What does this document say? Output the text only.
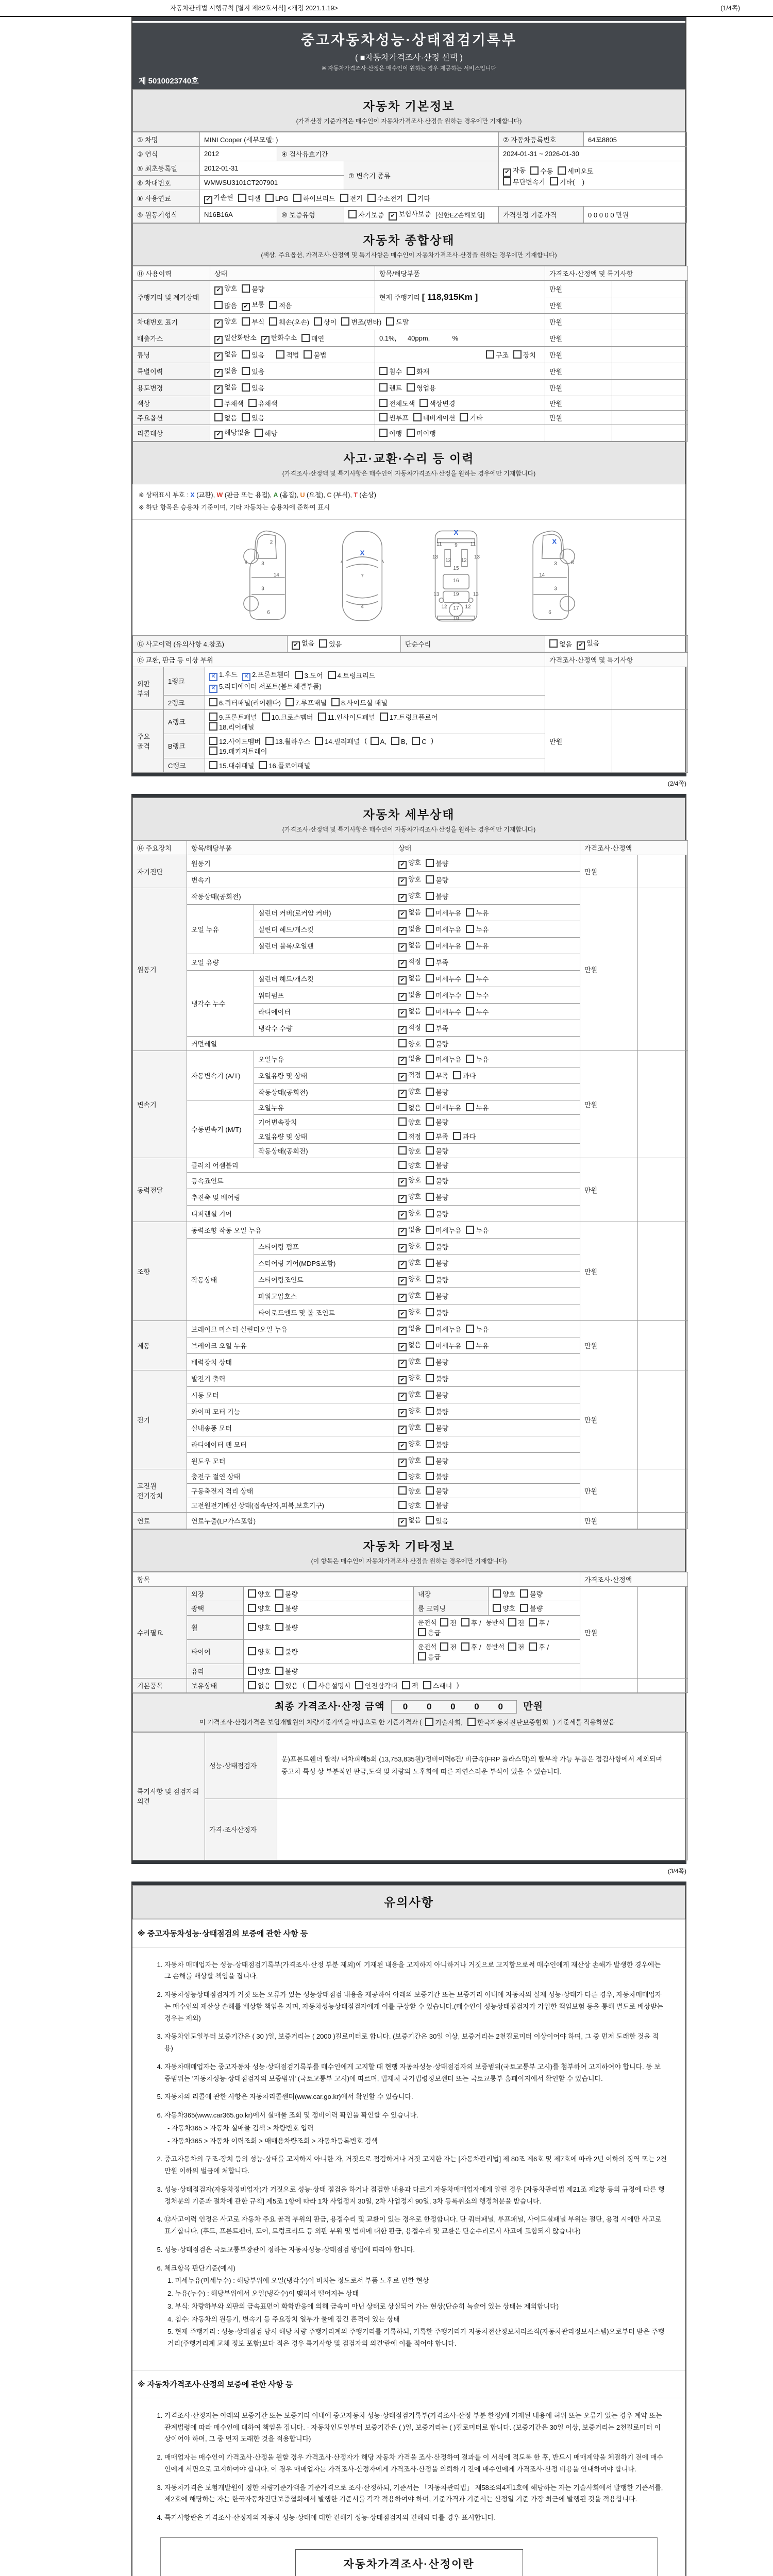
자동차관리법 시행규칙 [별지 제82호서식] <개정 2021.1.19>	(1/4쪽)
중고자동차성능·상태점검기록부
( ■자동차가격조사·산정 선택 )
※ 자동차가격조사·산정은 매수인이 원하는 경우 제공하는 서비스입니다
제 5010023740호
자동차 기본정보
(가격산정 기준가격은 매수인이 자동차가격조사·산정을 원하는 경우에만 기재합니다)
① 차명	MINI Cooper (세부모델: )			② 자동차등록번호	64모8805
③ 연식	2012	④ 검사유효기간		2024-01-31 ~ 2026-01-30	
⑤ 최초등록일	2012-01-31		⑦ 변속기 종류	✔ 자동 수동 세미오토
무단변속기 기타(    )	

⑥ 차대번호	WMWSU3101CT207901				
⑧ 사용연료	✔ 가솔린 디젤 LPG 하이브리드 전기 수소전기 기타				
⑨ 원동기형식	N16B16A	⑩ 보증유형	자기보증 ✔ 보험사보증 [신한EZ손해보험]	가격산정 기준가격	0 0 0 0 0 만원
자동차 종합상태
(색상, 주요옵션, 가격조사·산정액 및 특기사항은 매수인이 자동차가격조사·산정을 원하는 경우에만 기재합니다)
⑪ 사용이력	상태	항목/해당부품	가격조사·산정액 및 특기사항	
주행거리 및 계기상태	✔ 양호 불량	현재 주행거리 [ 118,915Km ]	만원	
	많음 ✔ 보통 적음		만원	
차대번호 표기	✔ 양호 부식 훼손(오손) 상이 변조(변타) 도말		만원	
배출가스	✔ 일산화탄소 ✔ 탄화수소 매연	0.1%,      40ppm,            %	만원	
튜닝	✔ 없음 있음 적법 불법	구조 장치	만원	
특별이력	✔ 없음 있음	침수 화재	만원	
용도변경	✔ 없음 있음	렌트 영업용	만원	
색상	무채색 유채색	전체도색 색상변경	만원	
주요옵션	없음 있음	썬루프 네비게이션 기타	만원	
리콜대상	✔ 해당없음 해당	이행 미이행		
사고·교환·수리 등 이력
(가격조사·산정액 및 특기사항은 매수인이 자동차가격조사·산정을 원하는 경우에만 기재합니다)
※ 상태표시 부호 : X (교환), W (판금 또는 용접), A (흠집), U (요철), C (부식), T (손상)
※ 하단 항목은 승용차 기준이며, 기타 자동차는 승용차에 준하여 표시
2
8	3
14
3
6
X
7
4
X
11	9	11
13
12 12
13
15
16
13	19	13
12 17 12
18
X
3	8
14
3
6
⑫ 사고이력 (유의사항 4.참조)	✔ 없음 있음	단순수리	없음 ✔ 있음
⑬ 교환, 판금 등 이상 부위			가격조사·산정액 및 특기사항	
외판 부위	1랭크	✕ 1.후드 ✕ 2.프론트휀더 3.도어 4.트렁크리드
✕ 5.라디에이터 서포트(볼트체결부품)		

	2랭크	6.쿼터패널(리어휀다) 7.루프패널 8.사이드실 패널		
주요 골격	A랭크	9.프론트패널 10.크로스멤버 11.인사이드패널 17.트렁크플로어
18.리어패널	만원	
	B랭크	12.사이드멤버 13.휠하우스 14.필러패널 ( A, B, C )
19.패키지트레이		

	C랭크	15.대쉬패널 16.플로어패널		
(2/4쪽)
자동차 세부상태
(가격조사·산정액 및 특기사항은 매수인이 자동차가격조사·산정을 원하는 경우에만 기재합니다)
⑭ 주요장치	항목/해당부품		상태	가격조사·산정액	
자기진단	원동기		✔ 양호 불량	만원	
	변속기		✔ 양호 불량		
원동기	작동상태(공회전)		✔ 양호 불량	만원	
	오일 누유	실린더 커버(로커암 커버)	✔ 없음 미세누유 누유		
		실린더 헤드/개스킷	✔ 없음 미세누유 누유		
		실린더 블록/오일팬	✔ 없음 미세누유 누유		
	오일 유량		✔ 적정 부족		
	냉각수 누수	실린더 헤드/개스킷	✔ 없음 미세누수 누수		
		워터펌프	✔ 없음 미세누수 누수		
		라디에이터	✔ 없음 미세누수 누수		
		냉각수 수량	✔ 적정 부족		
	커먼레일		양호 불량		
변속기	자동변속기 (A/T)	오일누유	✔ 없음 미세누유 누유	만원	
		오일유량 및 상태	✔ 적정 부족 과다		
		작동상태(공회전)	✔ 양호 불량		
	수동변속기 (M/T)	오일누유	없음 미세누유 누유		
		기어변속장치	양호 불량		
		오일유량 및 상태	적정 부족 과다		
		작동상태(공회전)	양호 불량		
동력전달	클러치 어셈블리		양호 불량	만원	
	등속죠인트		✔ 양호 불량		
	추진축 및 베어링		✔ 양호 불량		
	디퍼렌셜 기어		✔ 양호 불량		
조향	동력조향 작동 오일 누유		✔ 없음 미세누유 누유	만원	
	작동상태	스티어링 펌프	✔ 양호 불량		
		스티어링 기어(MDPS포함)	✔ 양호 불량		
		스티어링조인트	✔ 양호 불량		
		파워고압호스	✔ 양호 불량		
		타이로드엔드 및 볼 조인트	✔ 양호 불량		
제동	브레이크 마스터 실린더오일 누유		✔ 없음 미세누유 누유	만원	
	브레이크 오일 누유		✔ 없음 미세누유 누유		
	배력장치 상태		✔ 양호 불량		
전기	발전기 출력		✔ 양호 불량	만원	
	시동 모터		✔ 양호 불량		
	와이퍼 모터 기능		✔ 양호 불량		
	실내송풍 모터		✔ 양호 불량		
	라디에이터 팬 모터		✔ 양호 불량		
	윈도우 모터		✔ 양호 불량		
고전원 전기장치	충전구 절연 상태		양호 불량	만원	
	구동축전지 격리 상태		양호 불량		
	고전원전기배선 상태(접속단자,피복,보호기구)		양호 불량		
연료	연료누출(LP가스포함)		✔ 없음 있음	만원	
자동차 기타정보
(이 항목은 매수인이 자동차가격조사·산정을 원하는 경우에만 기재합니다)
항목					가격조사·산정액	
수리필요	외장	양호 불량	내장	양호 불량	만원	
	광택	양호 불량	룸 크리닝	양호 불량		
	휠	양호 불량	운전석 전 후 / 동반석 전 후 /응급			
	타이어	양호 불량	운전석 전 후 / 동반석 전 후 /응급			
	유리	양호 불량				
기본품목	보유상태	없음 있음 ( 사용설명서 안전삼각대 잭 스패너 )				
최종 가격조사·산정 금액 0 0 0 0 0 만원
이 가격조사·산정가격은 보험개발원의 차량기준가액을 바탕으로 한 기준가격과 ( 기술사회, 한국자동차진단보증협회 ) 기준세를 적용하였음
특기사항 및 점검자의 의견	성능·상태점검자	운)프론트휀더 탈착/ 내차피해5회 (13,753,835원)/정비이력6건/ 비금속(FRP 플라스틱)의 탈부착 가능 부품은 점검사항에서 제외되며 중고차 특성 상 부분적인 판금,도색 및 차량의 노후화에 따른 자연스러운 부식이 있을 수 있습니다.
	가격·조사산정자	
(3/4쪽)
유의사항
※ 중고자동차성능·상태점검의 보증에 관한 사항 등
1. 자동차 매매업자는 성능·상태점검기록부(가격조사·산정 부분 제외)에 기재된 내용을 고지하지 아니하거나 거짓으로 고지함으로써 매수인에게 재산상 손해가 발생한 경우에는 그 손해를 배상할 책임을 집니다.
2. 자동차성능상태점검자가 거짓 또는 오류가 있는 성능상태점검 내용을 제공하여 아래의 보증기간 또는 보증거리 이내에 자동차의 실제 성능·상태가 다른 경우, 자동차매매업자는 매수인의 재산상 손해를 배상할 책임을 지며, 자동차성능상태점검자에게 이를 구상할 수 있습니다.(매수인이 성능상태점검자가 가입한 책임보험 등을 통해 별도로 배상받는 경우는 제외)
3. 자동차인도일부터 보증기간은 ( 30 )일, 보증거리는 ( 2000 )킬로미터로 합니다. (보증기간은 30일 이상, 보증거리는 2천킬로미터 이상이어야 하며, 그 중 먼저 도래한 것을 적용)
4. 자동차매매업자는 중고자동차 성능·상태점검기록부를 매수인에게 고지할 때 현행 자동차성능·상태점검자의 보증범위(국토교통부 고시)를 첨부하여 고지하여야 합니다. 동 보증범위는 '자동차성능·상태점검자의 보증범위' (국토교통부 고시)에 따르며, 법제처 국가법령정보센터 또는 국토교통부 홈페이지에서 확인할 수 있습니다.
5. 자동차의 리콜에 관한 사항은 자동차리콜센터(www.car.go.kr)에서 확인할 수 있습니다.
6. 자동차365(www.car365.go.kr)에서 실매물 조회 및 정비이력 확인을 확인할 수 있습니다.
- 자동차365 > 자동차 실매물 검색 > 차량번호 입력
- 자동차365 > 자동차 이력조회 > 매매용차량조회 > 자동차등록번호 검색
2. 중고자동차의 구조·장치 등의 성능·상태를 고지하지 아니한 자, 거짓으로 점검하거나 거짓 고지한 자는 [자동차관리법] 제 80조 제6호 및 제7호에 따라 2년 이하의 징역 또는 2천만원 이하의 벌금에 처합니다.
3. 성능·상태점검자(자동차정비업자)가 거짓으로 성능·상태 점검을 하거나 점검한 내용과 다르게 자동차매매업자에게 알린 경우 [자동차관리법 제21조 제2항 등의 규정에 따른 행정처분의 기준과 절차에 관한 규칙] 제5조 1항에 따라 1차 사업정지 30일, 2차 사업정지 90일, 3차 등록취소의 행정처분을 받습니다.
4. ⑫사고이력 인정은 사고로 자동차 주요 골격 부위의 판금, 용접수리 및 교환이 있는 경우로 한정합니다. 단 쿼터패널, 루프패널, 사이드실패널 부위는 절단, 용접 시에만 사고로 표기합니다. (후드, 프론트펜더, 도어, 트렁크리드 등 외판 부위 및 범퍼에 대한 판금, 용접수리 및 교환은 단순수리로서 사고에 포함되지 않습니다)
5. 성능·상태점검은 국토교통부장관이 정하는 자동차성능·상태점검 방법에 따라야 합니다.
6. 체크항목 판단기준(예시)
1. 미세누유(미세누수) : 해당부위에 오일(냉각수)이 비치는 정도로서 부품 노후로 인한 현상
2. 누유(누수) : 해당부위에서 오일(냉각수)이 맺혀서 떨어지는 상태
3. 부식: 차량하부와 외판의 금속표면이 화학반응에 의해 금속이 아닌 상태로 상실되어 가는 현상(단순히 녹슬어 있는 상태는 제외합니다)
4. 침수: 자동차의 원동기, 변속기 등 주요장치 일부가 물에 잠긴 흔적이 있는 상태
5. 현재 주행거리 : 성능·상태점검 당시 해당 차량 주행거리계의 주행거리를 기록하되, 기록한 주행거리가 자동차전산정보처리조직(자동차관리정보시스템)으로부터 받은 주행거리(주행거리계 교체 정보 포함)보다 적은 경우 특기사항 및 점검자의 의견'란에 이를 적어야 합니다.
※ 자동차가격조사·산정의 보증에 관한 사항 등
1. 가격조사·산정자는 아래의 보증기간 또는 보증거리 이내에 중고자동차 성능·상태점검기록부(가격조사·산정 부분 한정)에 기재된 내용에 허위 또는 오류가 있는 경우 계약 또는 관계법령에 따라 매수인에 대하여 책임을 집니다. · 자동차인도일부터 보증기간은 ( )일, 보증거리는 ( )킬로미터로 합니다. (보증기간은 30일 이상, 보증거리는 2천킬로미터 이상이어야 하며, 그 중 먼저 도래한 것을 적용합니다)
2. 매매업자는 매수인이 가격조사·산정을 원할 경우 가격조사·산정자가 해당 자동차 가격을 조사·산정하여 결과를 이 서식에 적도록 한 후, 반드시 매매계약을 체결하기 전에 매수인에게 서면으로 고지하여야 합니다. 이 경우 매매업자는 가격조사·산정자에게 가격조사·산정을 의뢰하기 전에 매수인에게 가격조사·산정 비용을 안내하여야 합니다.
3. 자동차가격은 보험개발원이 정한 차량기준가액을 기준가격으로 조사·산정하되, 기준서는 「자동차관리법」 제58조의4제1호에 해당하는 자는 기술사회에서 발행한 기준서를, 제2호에 해당하는 자는 한국자동차진단보증협회에서 발행한 기준서를 각각 적용하여야 하며, 기준가격과 기준서는 산정일 기준 가장 최근에 발행된 것을 적용합니다.
4. 특기사항란은 가격조사·산정자의 자동차 성능·상태에 대한 견해가 성능·상태점검자의 견해와 다를 경우 표시합니다.
자동차가격조사·산정이란
